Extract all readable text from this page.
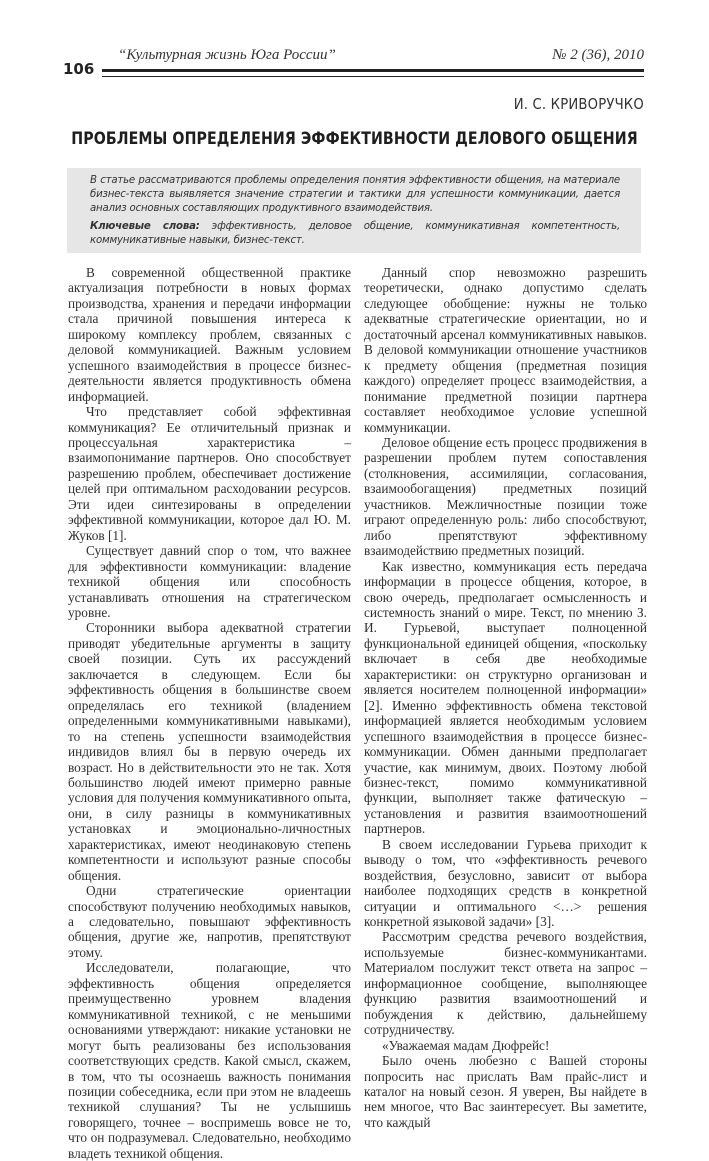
106
“Культурная жизнь Юга России”	№ 2 (36), 2010
И. С. КРИВОРУЧКО
ПРОБЛЕМЫ ОПРЕДЕЛЕНИЯ ЭФФЕКТИВНОСТИ ДЕЛОВОГО ОБЩЕНИЯ
В статье рассматриваются проблемы определения понятия эффективности общения, на материале бизнес-текста выявляется значение стратегии и тактики для успешности коммуникации, дается анализ основных составляющих продуктивного взаимодействия.
Ключевые слова: эффективность, деловое общение, коммуникативная компетентность, коммуникативные навыки, бизнес-текст.

В современной общественной практике актуализация потребности в новых формах производства, хранения и передачи информации стала причиной повышения интереса к широкому комплексу проблем, связанных с деловой коммуникацией. Важным условием успешного взаимодействия в процессе бизнес-деятельности является продуктивность обмена информацией.

Что представляет собой эффективная коммуникация? Ее отличительный признак и процессуальная характеристика – взаимопонимание партнеров. Оно способствует разрешению проблем, обеспечивает достижение целей при оптимальном расходовании ресурсов. Эти идеи синтезированы в определении эффективной коммуникации, которое дал Ю. М. Жуков [1].

Существует давний спор о том, что важнее для эффективности коммуникации: владение техникой общения или способность устанавливать отношения на стратегическом уровне.

Сторонники выбора адекватной стратегии приводят убедительные аргументы в защиту своей позиции. Суть их рассуждений заключается в следующем. Если бы эффективность общения в большинстве своем определялась его техникой (владением определенными коммуникативными навыками), то на степень успешности взаимодействия индивидов влиял бы в первую очередь их возраст. Но в действительности это не так. Хотя большинство людей имеют примерно равные условия для получения коммуникативного опыта, они, в силу разницы в коммуникативных установках и эмоционально-личностных характеристиках, имеют неодинаковую степень компетентности и используют разные способы общения.

Одни стратегические ориентации способствуют получению необходимых навыков, а следовательно, повышают эффективность общения, другие же, напротив, препятствуют этому.

Исследователи, полагающие, что эффективность общения определяется преимущественно уровнем владения коммуникативной техникой, с не меньшими основаниями утверждают: никакие установки не могут быть реализованы без использования соответствующих средств. Какой смысл, скажем, в том, что ты осознаешь важность понимания позиции собеседника, если при этом не владеешь техникой слушания? Ты не услышишь говорящего, точнее – воспримешь вовсе не то, что он подразумевал. Следовательно, необходимо владеть техникой общения.

Данный спор невозможно разрешить теоретически, однако допустимо сделать следующее обобщение: нужны не только адекватные стратегические ориентации, но и достаточный арсенал коммуникативных навыков. В деловой коммуникации отношение участников к предмету общения (предметная позиция каждого) определяет процесс взаимодействия, а понимание предметной позиции партнера составляет необходимое условие успешной коммуникации.

Деловое общение есть процесс продвижения в разрешении проблем путем сопоставления (столкновения, ассимиляции, согласования, взаимообогащения) предметных позиций участников. Межличностные позиции тоже играют определенную роль: либо способствуют, либо препятствуют эффективному взаимодействию предметных позиций.

Как известно, коммуникация есть передача информации в процессе общения, которое, в свою очередь, предполагает осмысленность и системность знаний о мире. Текст, по мнению З. И. Гурьевой, выступает полноценной функциональной единицей общения, «поскольку включает в себя две необходимые характеристики: он структурно организован и является носителем полноценной информации» [2]. Именно эффективность обмена текстовой информацией является необходимым условием успешного взаимодействия в процессе бизнес-коммуникации. Обмен данными предполагает участие, как минимум, двоих. Поэтому любой бизнес-текст, помимо коммуникативной функции, выполняет также фатическую – установления и развития взаимоотношений партнеров.

В своем исследовании Гурьева приходит к выводу о том, что «эффективность речевого воздействия, безусловно, зависит от выбора наиболее подходящих средств в конкретной ситуации и оптимального <…> решения конкретной языковой задачи» [3].

Рассмотрим средства речевого воздействия, используемые бизнес-коммуникантами. Материалом послужит текст ответа на запрос – информационное сообщение, выполняющее функцию развития взаимоотношений и побуждения к действию, дальнейшему сотрудничеству.

«Уважаемая мадам Дюфрейс!

Было очень любезно с Вашей стороны попросить нас прислать Вам прайс-лист и каталог на новый сезон. Я уверен, Вы найдете в нем многое, что Вас заинтересует. Вы заметите, что каждый
